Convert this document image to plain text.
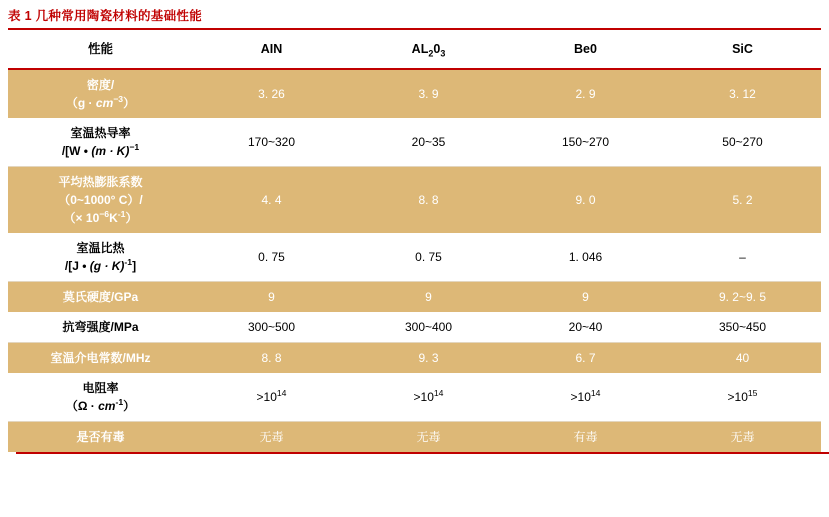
表 1 几种常用陶瓷材料的基础性能
性能	AIN	$AL_20_3$	Be0	SiC

密度/
$(g \cdot cm^{-3})$	3. 26	3. 9	2. 9	3. 12

室温热导率
/[W • $(m \cdot K)^{-1}$	170~320	20~35	150~270	50~270

平均热膨胀系数
（0~1000° C）/
（× $10^{-6}K^{-1}$）	4. 4	8. 8	9. 0	5. 2

室温比热
/[J • $(g \cdot K)^{-1}$]	0. 75	0. 75	1. 046	–
莫氏硬度/GPa	9	9	9	9. 2~9. 5
抗弯强度/MPa	300~500	300~400	20~40	350~450
室温介电常数/MHz	8. 8	9. 3	6. 7	40

电阻率
$(\Omega \cdot cm^{-1})$	$>10^{14}$	$>10^{14}$	$>10^{14}$	$>10^{15}$
是否有毒	无毒	无毒	有毒	无毒
